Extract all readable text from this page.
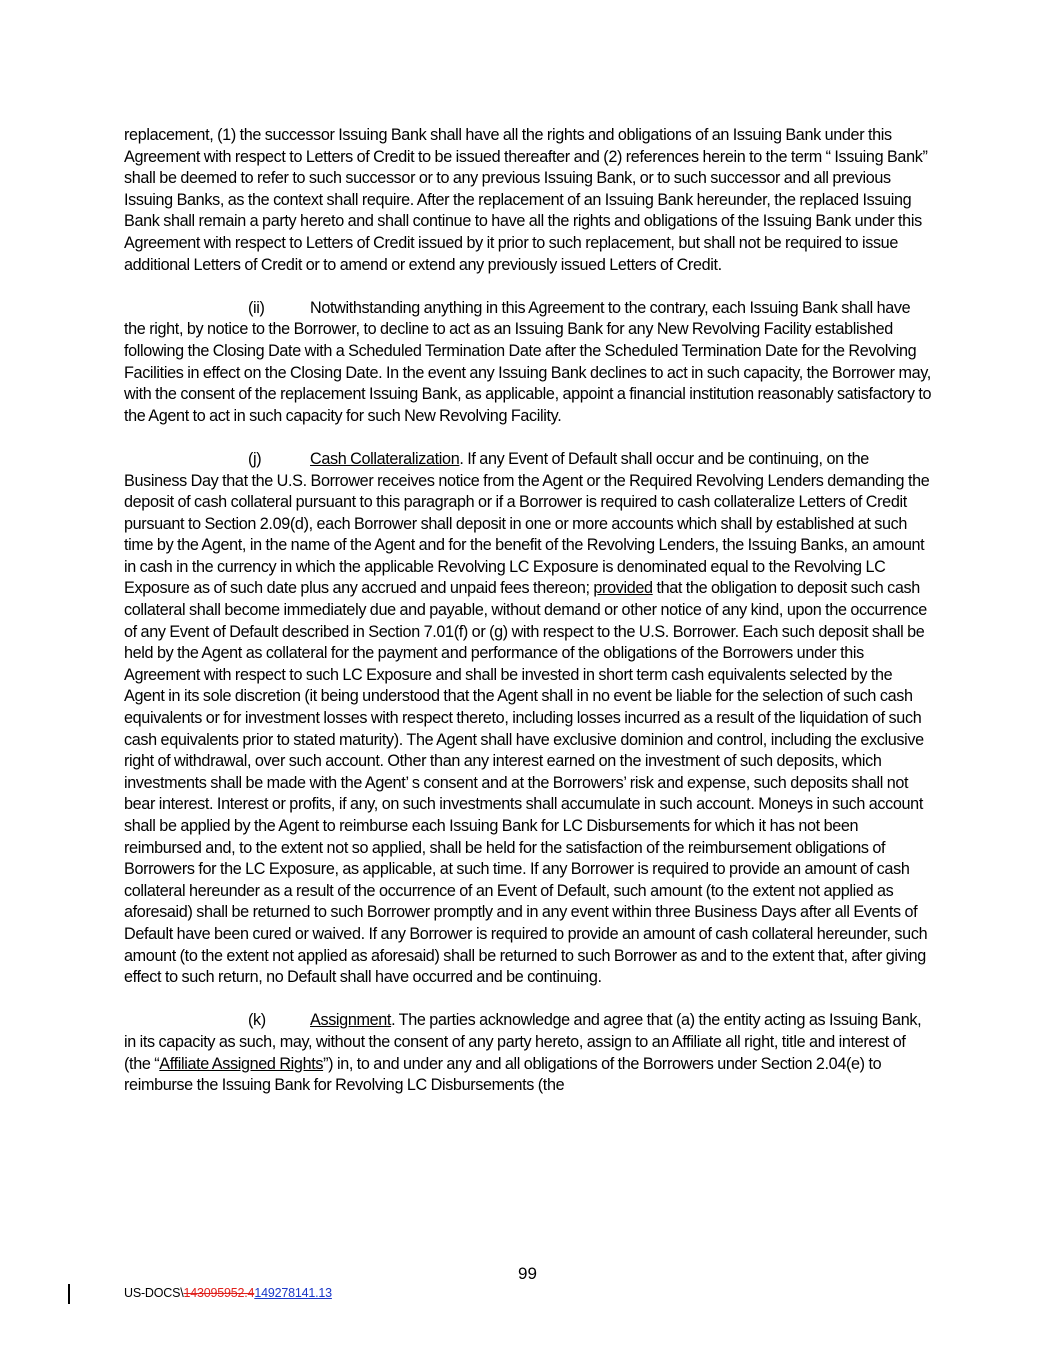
replacement, (1) the successor Issuing Bank shall have all the rights and obligations of an Issuing Bank under this Agreement with respect to Letters of Credit to be issued thereafter and (2) references herein to the term “ Issuing Bank” shall be deemed to refer to such successor or to any previous Issuing Bank, or to such successor and all previous Issuing Banks, as the context shall require. After the replacement of an Issuing Bank hereunder, the replaced Issuing Bank shall remain a party hereto and shall continue to have all the rights and obligations of the Issuing Bank under this Agreement with respect to Letters of Credit issued by it prior to such replacement, but shall not be required to issue additional Letters of Credit or to amend or extend any previously issued Letters of Credit.

(ii)	Notwithstanding anything in this Agreement to the contrary, each Issuing Bank shall have the right, by notice to the Borrower, to decline to act as an Issuing Bank for any New Revolving Facility established following the Closing Date with a Scheduled Termination Date after the Scheduled Termination Date for the Revolving Facilities in effect on the Closing Date. In the event any Issuing Bank declines to act in such capacity, the Borrower may, with the consent of the replacement Issuing Bank, as applicable, appoint a financial institution reasonably satisfactory to the Agent to act in such capacity for such New Revolving Facility.

(j)	Cash Collateralization. If any Event of Default shall occur and be continuing, on the Business Day that the U.S. Borrower receives notice from the Agent or the Required Revolving Lenders demanding the deposit of cash collateral pursuant to this paragraph or if a Borrower is required to cash collateralize Letters of Credit pursuant to Section 2.09(d), each Borrower shall deposit in one or more accounts which shall by established at such time by the Agent, in the name of the Agent and for the benefit of the Revolving Lenders, the Issuing Banks, an amount in cash in the currency in which the applicable Revolving LC Exposure is denominated equal to the Revolving LC Exposure as of such date plus any accrued and unpaid fees thereon; provided that the obligation to deposit such cash collateral shall become immediately due and payable, without demand or other notice of any kind, upon the occurrence of any Event of Default described in Section 7.01(f) or (g) with respect to the U.S. Borrower. Each such deposit shall be held by the Agent as collateral for the payment and performance of the obligations of the Borrowers under this Agreement with respect to such LC Exposure and shall be invested in short term cash equivalents selected by the Agent in its sole discretion (it being understood that the Agent shall in no event be liable for the selection of such cash equivalents or for investment losses with respect thereto, including losses incurred as a result of the liquidation of such cash equivalents prior to stated maturity). The Agent shall have exclusive dominion and control, including the exclusive right of withdrawal, over such account. Other than any interest earned on the investment of such deposits, which investments shall be made with the Agent’ s consent and at the Borrowers’ risk and expense, such deposits shall not bear interest. Interest or profits, if any, on such investments shall accumulate in such account. Moneys in such account shall be applied by the Agent to reimburse each Issuing Bank for LC Disbursements for which it has not been reimbursed and, to the extent not so applied, shall be held for the satisfaction of the reimbursement obligations of Borrowers for the LC Exposure, as applicable, at such time. If any Borrower is required to provide an amount of cash collateral hereunder as a result of the occurrence of an Event of Default, such amount (to the extent not applied as aforesaid) shall be returned to such Borrower promptly and in any event within three Business Days after all Events of Default have been cured or waived. If any Borrower is required to provide an amount of cash collateral hereunder, such amount (to the extent not applied as aforesaid) shall be returned to such Borrower as and to the extent that, after giving effect to such return, no Default shall have occurred and be continuing.

(k)	Assignment. The parties acknowledge and agree that (a) the entity acting as Issuing Bank, in its capacity as such, may, without the consent of any party hereto, assign to an Affiliate all right, title and interest of (the “Affiliate Assigned Rights”) in, to and under any and all obligations of the Borrowers under Section 2.04(e) to reimburse the Issuing Bank for Revolving LC Disbursements (the

99
US-DOCS\143095952.4149278141.13
